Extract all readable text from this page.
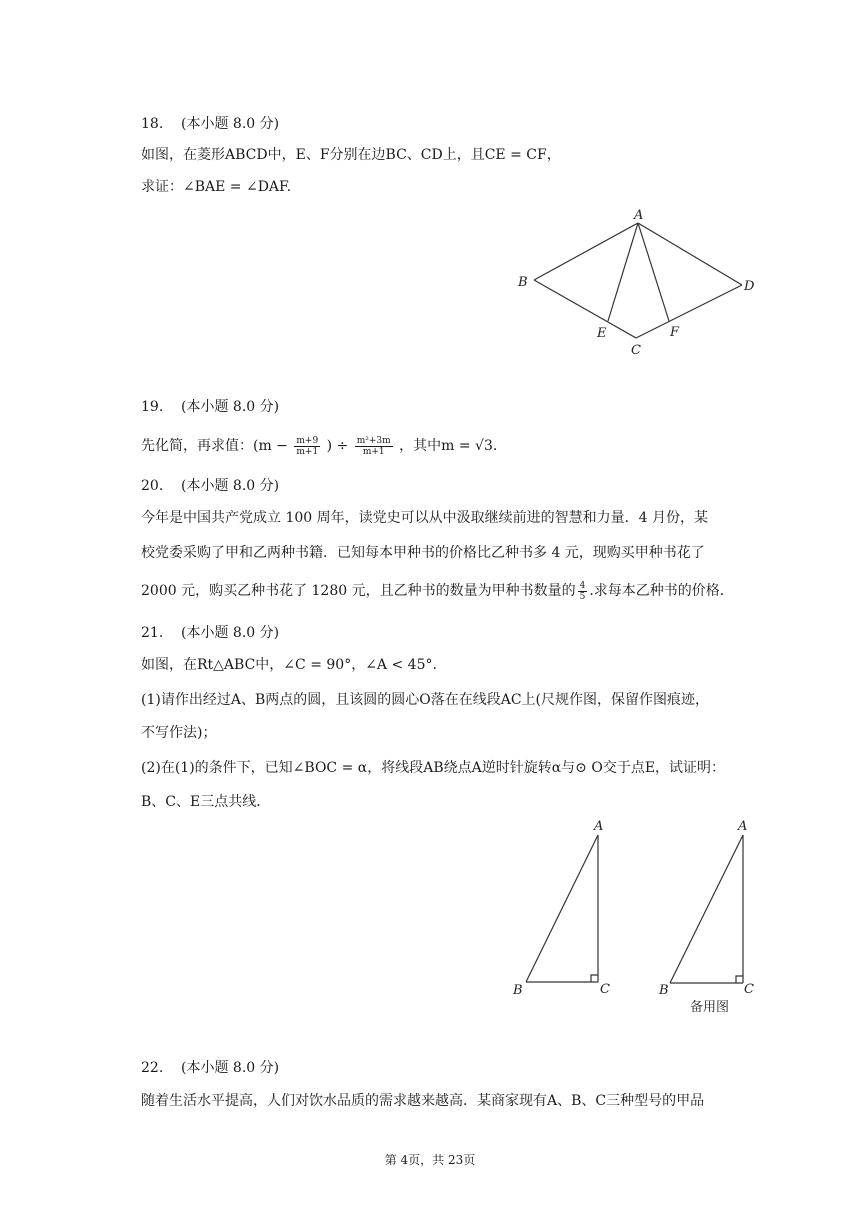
18. (本小题 8.0 分)
如图，在菱形ABCD中，E、F分别在边BC、CD上，且CE = CF，
求证：∠BAE = ∠DAF.
A
B
C
D
E	F
19. (本小题 8.0 分)
先化简，再求值：($m - \frac{m+9}{m+1}$ ) ÷ $\frac{\text{m²+3m}}{m+1}$ ，其中m = √3.
20. (本小题 8.0 分)
今年是中国共产党成立 100 周年，读党史可以从中汲取继续前进的智慧和力量．4 月份，某
校党委采购了甲和乙两种书籍．已知每本甲种书的价格比乙种书多 4 元，现购买甲种书花了
2000 元，购买乙种书花了 1280 元，且乙种书的数量为甲种书数量的 $\frac{4}{5}$ .求每本乙种书的价格．
21. (本小题 8.0 分)
如图，在Rt△ABC中，∠C = 90°，∠A < 45°.
(1)请作出经过A、B两点的圆，且该圆的圆心O落在在线段AC上(尺规作图，保留作图痕迹，
不写作法)；
(2)在(1)的条件下，已知∠BOC = α，将线段AB绕点A逆时针旋转α与⊙ O交于点E，试证明：
B、C、E三点共线．
A
B	C
A
B	C
备用图
22. (本小题 8.0 分)
随着生活水平提高，人们对饮水品质的需求越来越高．某商家现有A、B、C三种型号的甲品
第 4页，共 23页
